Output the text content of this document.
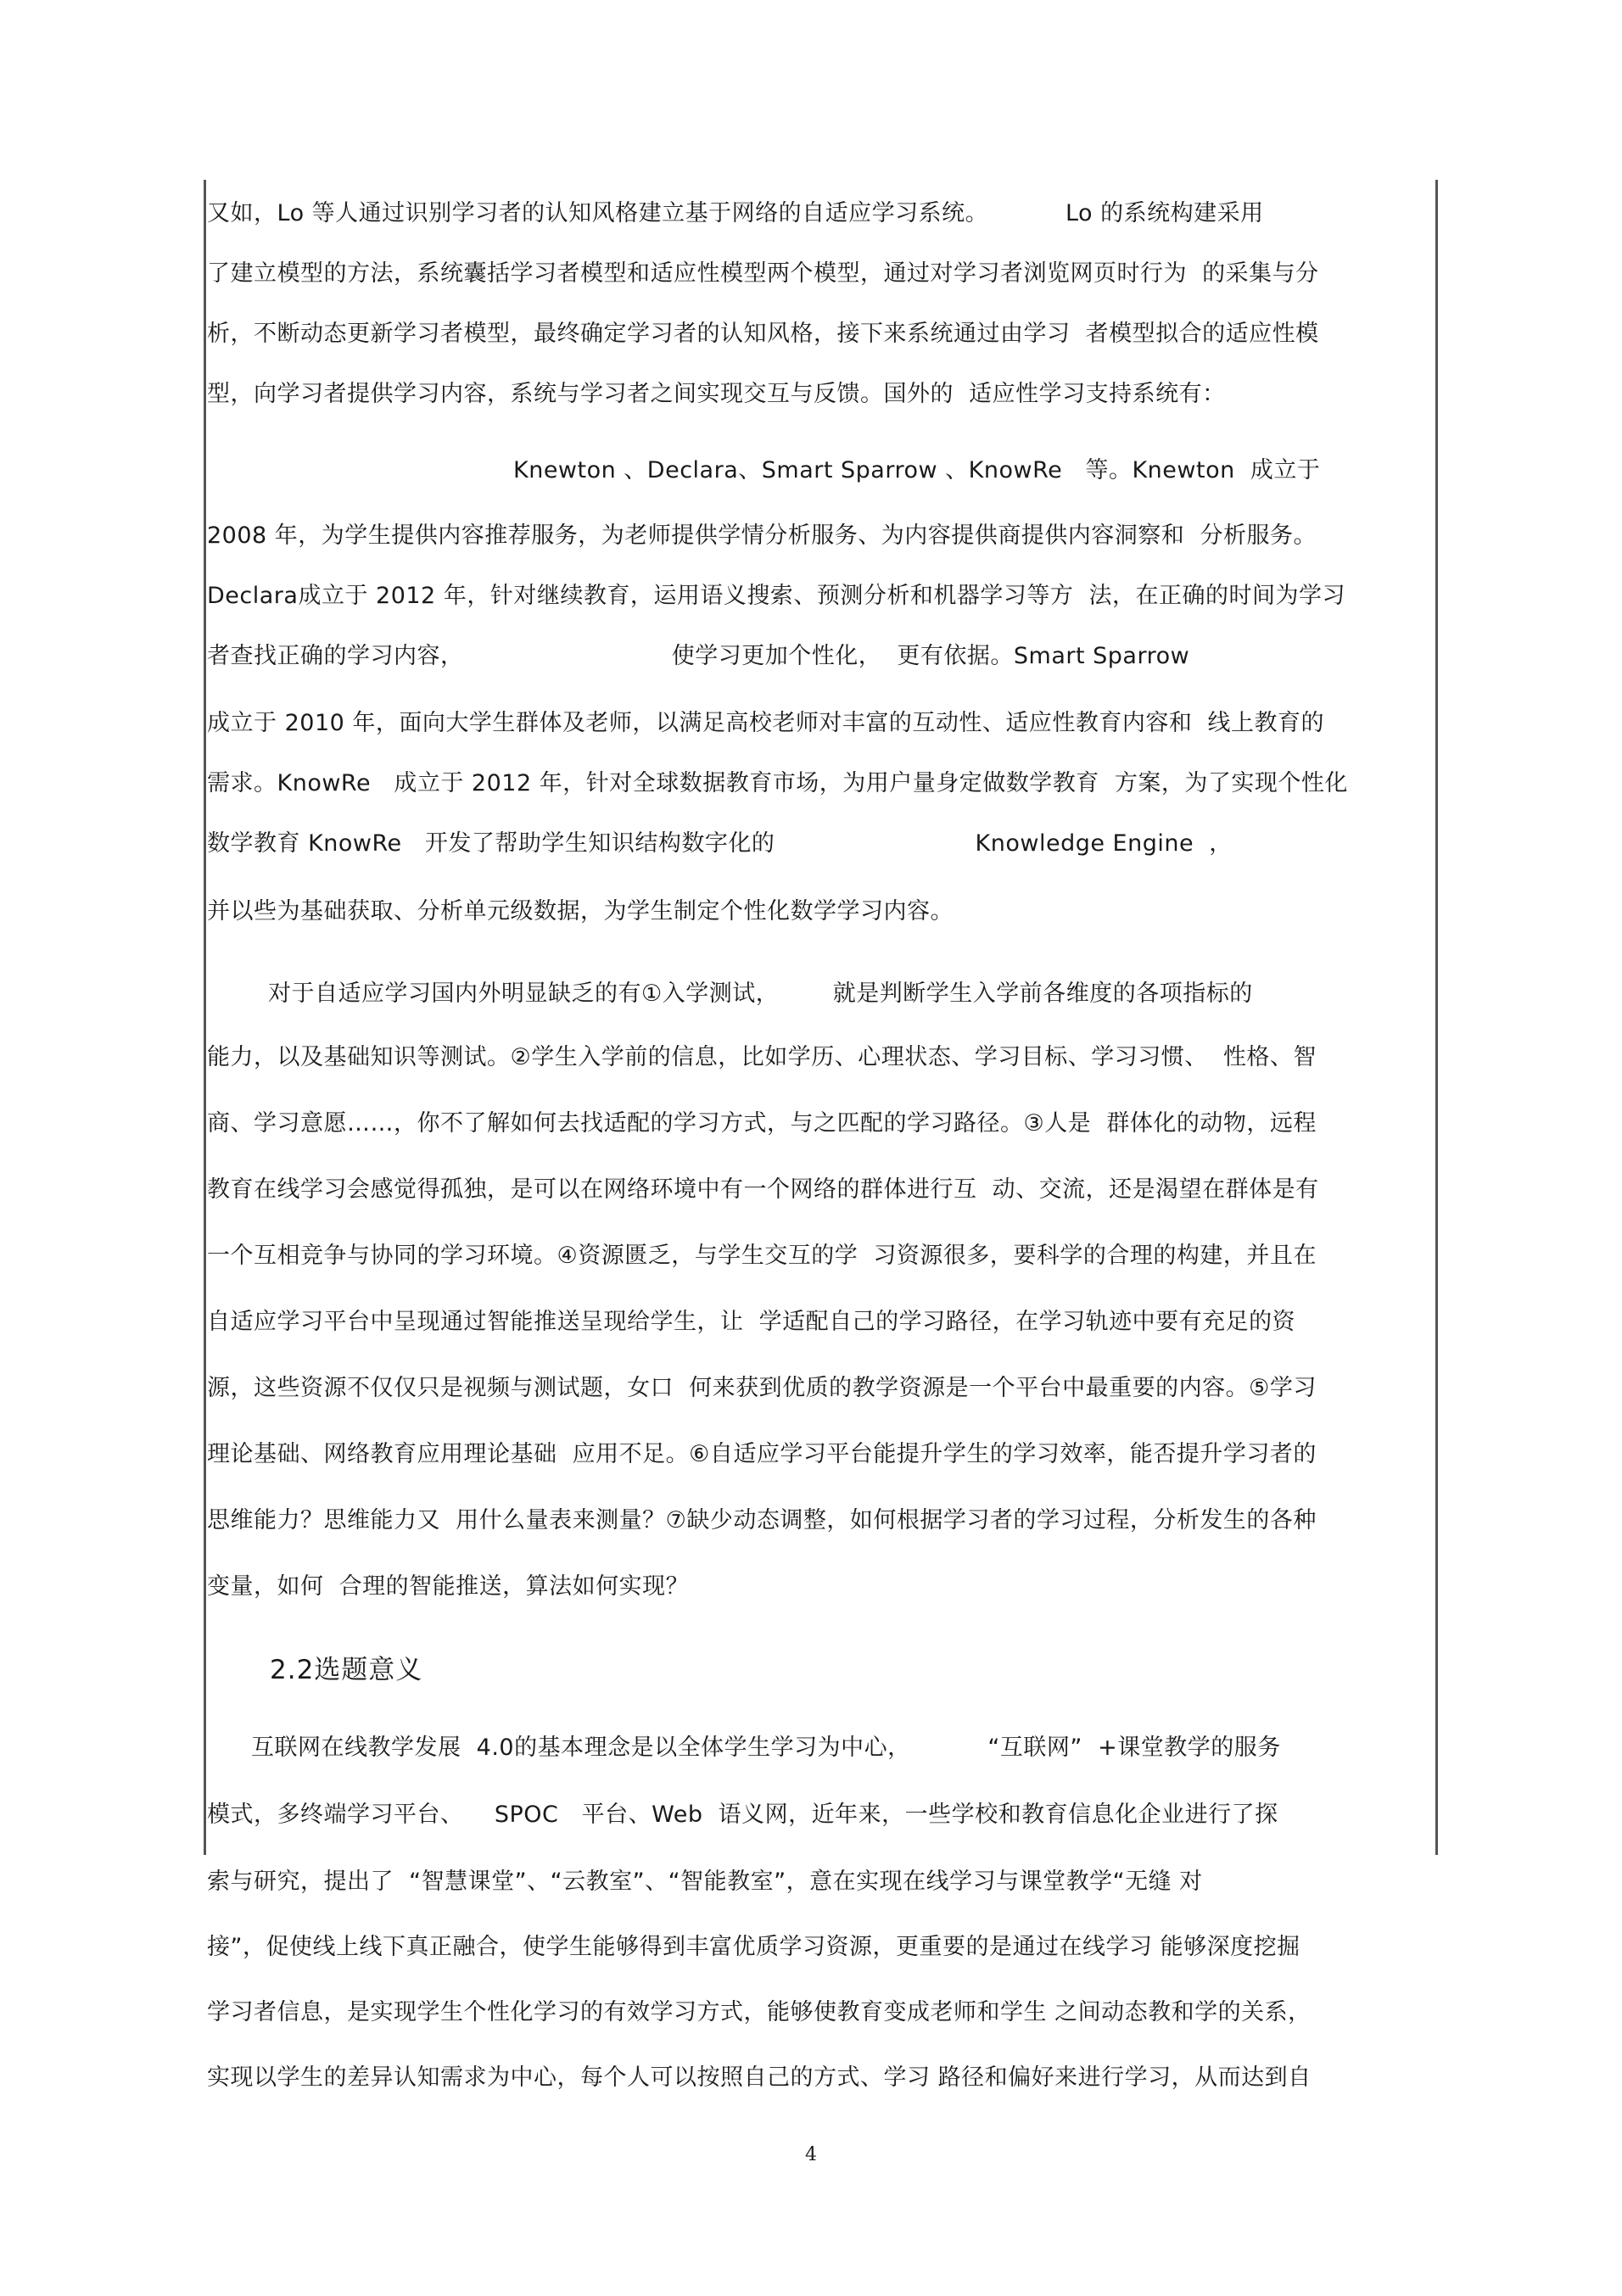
又如，Lo 等人通过识别学习者的认知风格建立基于网络的自适应学习系统。          Lo 的系统构建采用
了建立模型的方法，系统囊括学习者模型和适应性模型两个模型，通过对学习者浏览网页时行为  的采集与分
析，不断动态更新学习者模型，最终确定学习者的认知风格，接下来系统通过由学习  者模型拟合的适应性模
型，向学习者提供学习内容，系统与学习者之间实现交互与反馈。国外的  适应性学习支持系统有：
Knewton 、Declara、Smart Sparrow 、KnowRe   等。Knewton  成立于
2008 年，为学生提供内容推荐服务，为老师提供学情分析服务、为内容提供商提供内容洞察和  分析服务。
Declara成立于 2012 年，针对继续教育，运用语义搜索、预测分析和机器学习等方  法，在正确的时间为学习
者查找正确的学习内容，                           使学习更加个性化，  更有依据。Smart Sparrow
成立于 2010 年，面向大学生群体及老师，以满足高校老师对丰富的互动性、适应性教育内容和  线上教育的
需求。KnowRe   成立于 2012 年，针对全球数据教育市场，为用户量身定做数学教育  方案，为了实现个性化
数学教育 KnowRe   开发了帮助学生知识结构数字化的                          Knowledge Engine  ，
并以些为基础获取、分析单元级数据，为学生制定个性化数学学习内容。
对于自适应学习国内外明显缺乏的有①入学测试，       就是判断学生入学前各维度的各项指标的
能力，以及基础知识等测试。②学生入学前的信息，比如学历、心理状态、学习目标、学习习惯、  性格、智
商、学习意愿……，你不了解如何去找适配的学习方式，与之匹配的学习路径。③人是  群体化的动物，远程
教育在线学习会感觉得孤独，是可以在网络环境中有一个网络的群体进行互  动、交流，还是渴望在群体是有
一个互相竞争与协同的学习环境。④资源匮乏，与学生交互的学  习资源很多，要科学的合理的构建，并且在
自适应学习平台中呈现通过智能推送呈现给学生，让  学适配自己的学习路径，在学习轨迹中要有充足的资
源，这些资源不仅仅只是视频与测试题，女口  何来获到优质的教学资源是一个平台中最重要的内容。⑤学习
理论基础、网络教育应用理论基础  应用不足。⑥自适应学习平台能提升学生的学习效率，能否提升学习者的
思维能力？思维能力又  用什么量表来测量？⑦缺少动态调整，如何根据学习者的学习过程，分析发生的各种
变量，如何  合理的智能推送，算法如何实现？
2.2选题意义
互联网在线教学发展  4.0的基本理念是以全体学生学习为中心，          “互联网”  +课堂教学的服务
模式，多终端学习平台、    SPOC   平台、Web  语义网，近年来，一些学校和教育信息化企业进行了探
索与研究，提出了  “智慧课堂”、“云教室”、“智能教室”，意在实现在线学习与课堂教学“无缝 对
接”，促使线上线下真正融合，使学生能够得到丰富优质学习资源，更重要的是通过在线学习 能够深度挖掘
学习者信息，是实现学生个性化学习的有效学习方式，能够使教育变成老师和学生 之间动态教和学的关系，
实现以学生的差异认知需求为中心，每个人可以按照自己的方式、学习 路径和偏好来进行学习，从而达到自
4
